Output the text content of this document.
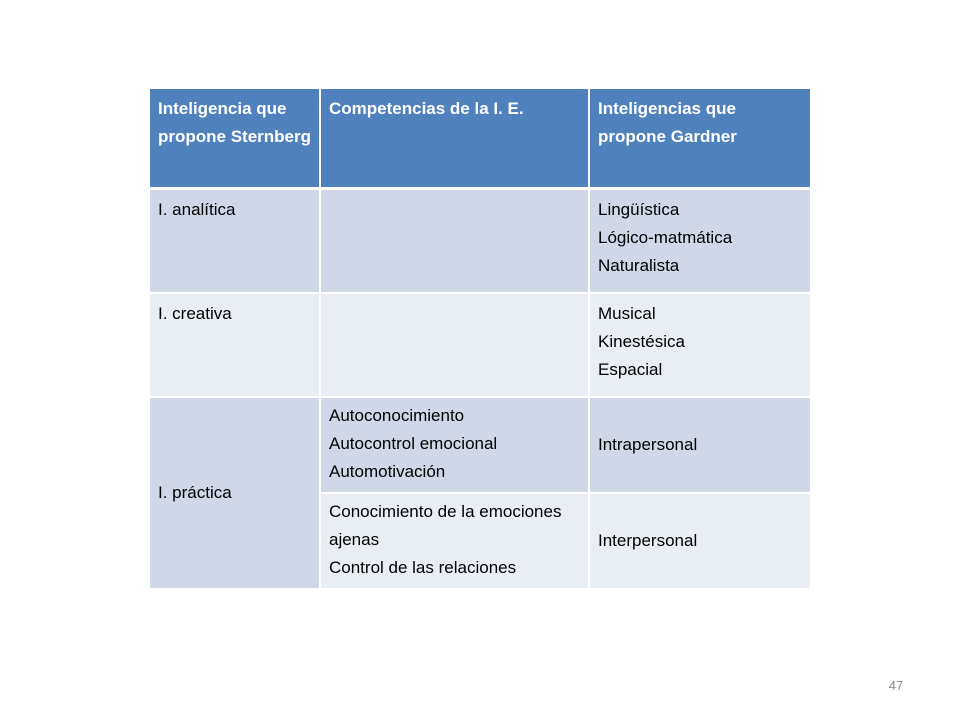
Inteligencia que propone Sternberg	Competencias de la I. E.	Inteligencias que propone Gardner
I. analítica		Lingüística
Lógico-matmática
Naturalista

I. creativa		Musical
Kinestésica
Espacial

I. práctica	Autoconocimiento
Autocontrol emocional
Automotivación	Intrapersonal

	Conocimiento de la emociones ajenas
Control de las relaciones	Interpersonal
47
